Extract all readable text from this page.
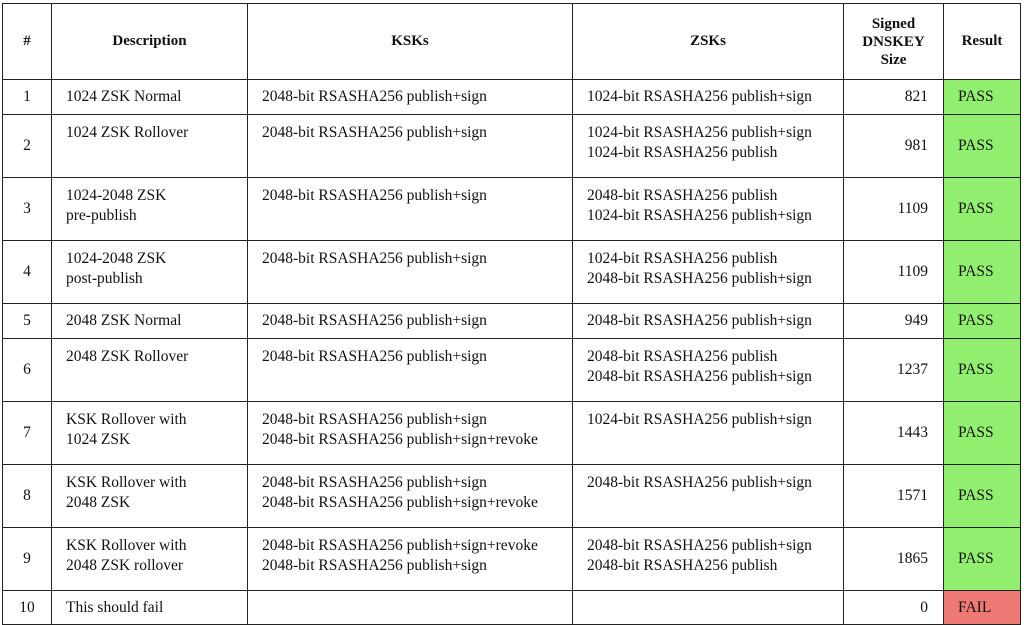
#	Description	KSKs	ZSKs	Signed
DNSKEY
Size	Result
1	1024 ZSK Normal	2048-bit RSASHA256 publish+sign	1024-bit RSASHA256 publish+sign	821	PASS
2	1024 ZSK Rollover	2048-bit RSASHA256 publish+sign	1024-bit RSASHA256 publish+sign
1024-bit RSASHA256 publish	981	PASS
3	1024-2048 ZSK
pre-publish	2048-bit RSASHA256 publish+sign	2048-bit RSASHA256 publish
1024-bit RSASHA256 publish+sign	1109	PASS
4	1024-2048 ZSK
post-publish	2048-bit RSASHA256 publish+sign	1024-bit RSASHA256 publish
2048-bit RSASHA256 publish+sign	1109	PASS
5	2048 ZSK Normal	2048-bit RSASHA256 publish+sign	2048-bit RSASHA256 publish+sign	949	PASS
6	2048 ZSK Rollover	2048-bit RSASHA256 publish+sign	2048-bit RSASHA256 publish
2048-bit RSASHA256 publish+sign	1237	PASS
7	KSK Rollover with
1024 ZSK	2048-bit RSASHA256 publish+sign
2048-bit RSASHA256 publish+sign+revoke	1024-bit RSASHA256 publish+sign	1443	PASS
8	KSK Rollover with
2048 ZSK	2048-bit RSASHA256 publish+sign
2048-bit RSASHA256 publish+sign+revoke	2048-bit RSASHA256 publish+sign	1571	PASS
9	KSK Rollover with
2048 ZSK rollover	2048-bit RSASHA256 publish+sign+revoke
2048-bit RSASHA256 publish+sign	2048-bit RSASHA256 publish+sign
2048-bit RSASHA256 publish	1865	PASS
10	This should fail			0	FAIL
